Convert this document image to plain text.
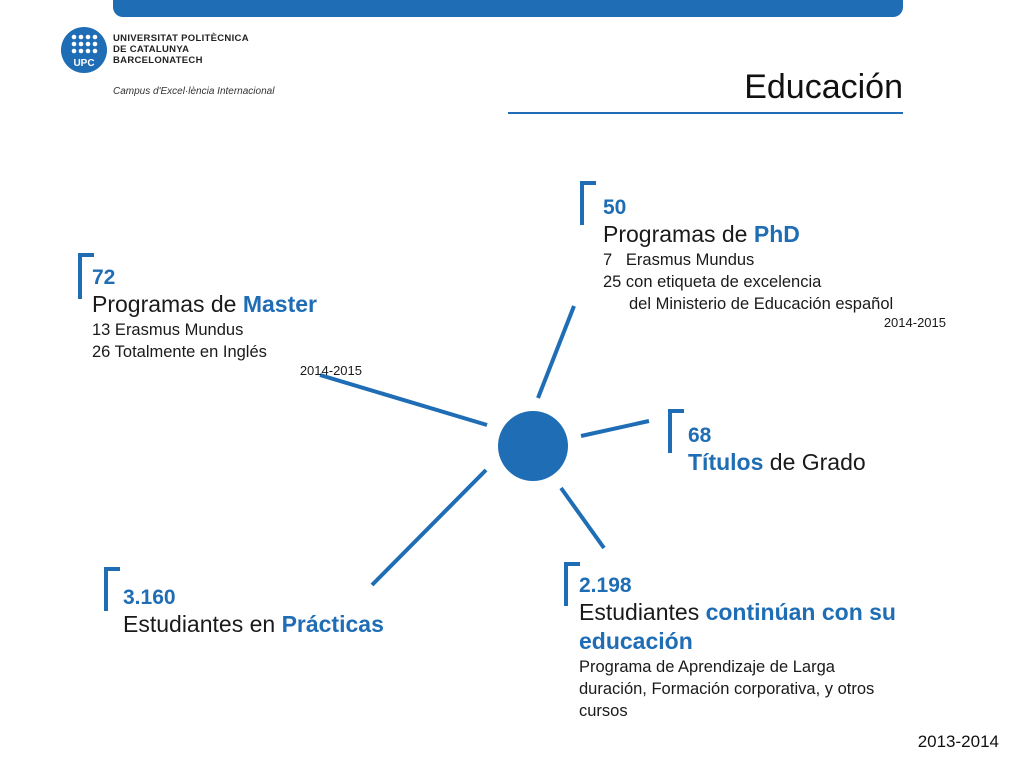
UPC
UNIVERSITAT POLITÈCNICA
DE CATALUNYA
BARCELONATECH
Campus d'Excel·lència Internacional	Educación
72
Programas de Master
13 Erasmus Mundus
26 Totalmente en Inglés
2014-2015
50
Programas de PhD
7   Erasmus Mundus
25 con etiqueta de excelencia
del Ministerio de Educación español
2014-2015
68
Títulos de Grado
3.160
Estudiantes en Prácticas
2.198
Estudiantes continúan con su educación
Programa de Aprendizaje de Larga duración, Formación corporativa, y otros cursos
2013-2014
